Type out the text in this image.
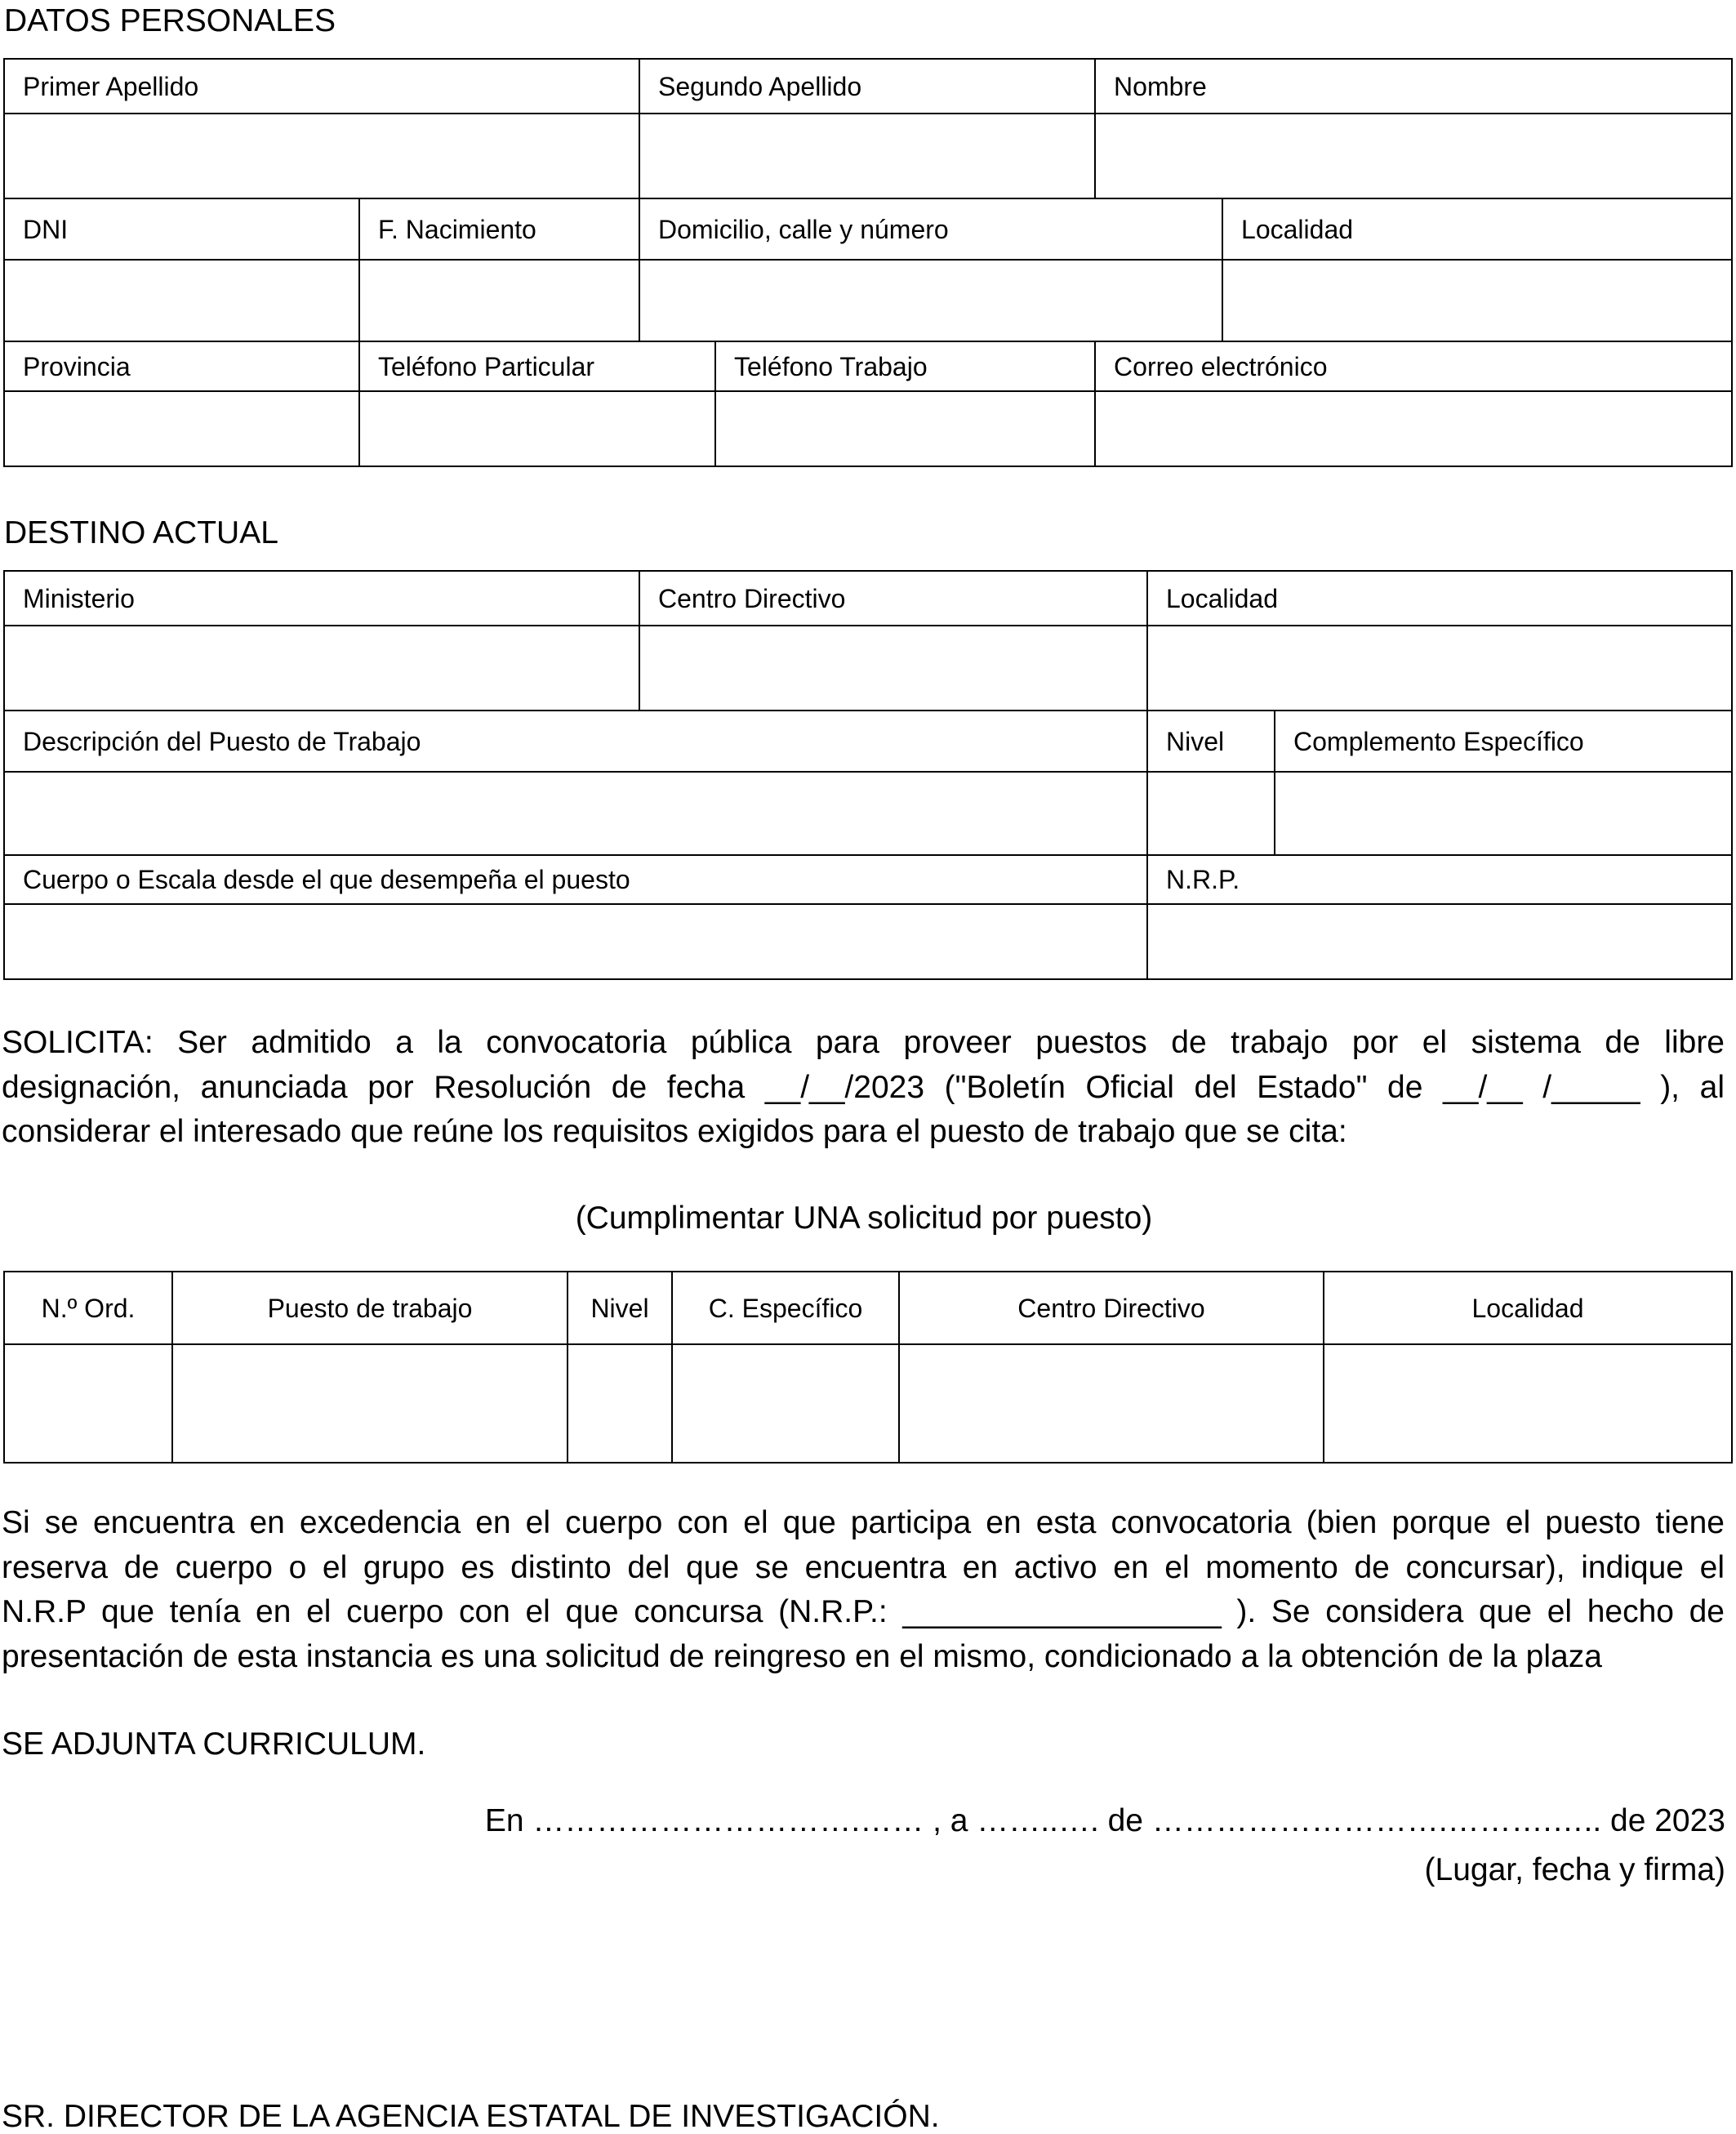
DATOS PERSONALES
Primer Apellido		Segundo Apellido		Nombre	

DNI	F. Nacimiento	Domicilio, calle y número			Localidad

Provincia	Teléfono Particular		Teléfono Trabajo	Correo electrónico	

DESTINO ACTUAL
Ministerio	Centro Directivo	Localidad	

Descripción del Puesto de Trabajo		Nivel	Complemento Específico

Cuerpo o Escala desde el que desempeña el puesto		N.R.P.	

SOLICITA: Ser admitido a la convocatoria pública para proveer puestos de trabajo por el sistema de libre
designación, anunciada por Resolución de fecha __/__/2023 ("Boletín Oficial del Estado" de __/__ /_____ ), al
considerar el interesado que reúne los requisitos exigidos para el puesto de trabajo que se cita:
(Cumplimentar UNA solicitud por puesto)
N.º Ord.	Puesto de trabajo	Nivel	C. Específico	Centro Directivo	Localidad

Si se encuentra en excedencia en el cuerpo con el que participa en esta convocatoria (bien porque el puesto tiene
reserva de cuerpo o el grupo es distinto del que se encuentra en activo en el momento de concursar), indique el
N.R.P que tenía en el cuerpo con el que concursa (N.R.P.: __________________ ). Se considera que el hecho de
presentación de esta instancia es una solicitud de reingreso en el mismo, condicionado a la obtención de la plaza
SE ADJUNTA CURRICULUM.
En ………………………….…… , a ……..…. de ……………………….……….….. de 2023
(Lugar, fecha y firma)
SR. DIRECTOR DE LA AGENCIA ESTATAL DE INVESTIGACIÓN.
